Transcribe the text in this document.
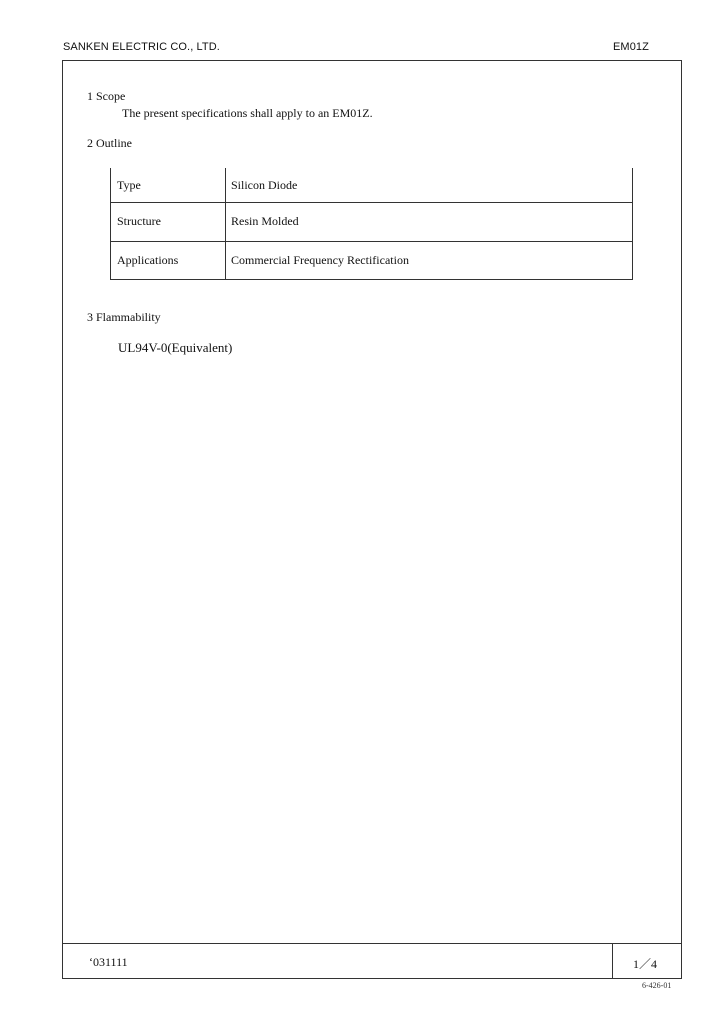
SANKEN ELECTRIC CO., LTD.	EM01Z
1 Scope
The present specifications shall apply to an EM01Z.
2 Outline
Type	Silicon Diode
Structure	Resin Molded
Applications	Commercial Frequency Rectification
3 Flammability
UL94V-0(Equivalent)
‘031111	1／4
6-426-01
